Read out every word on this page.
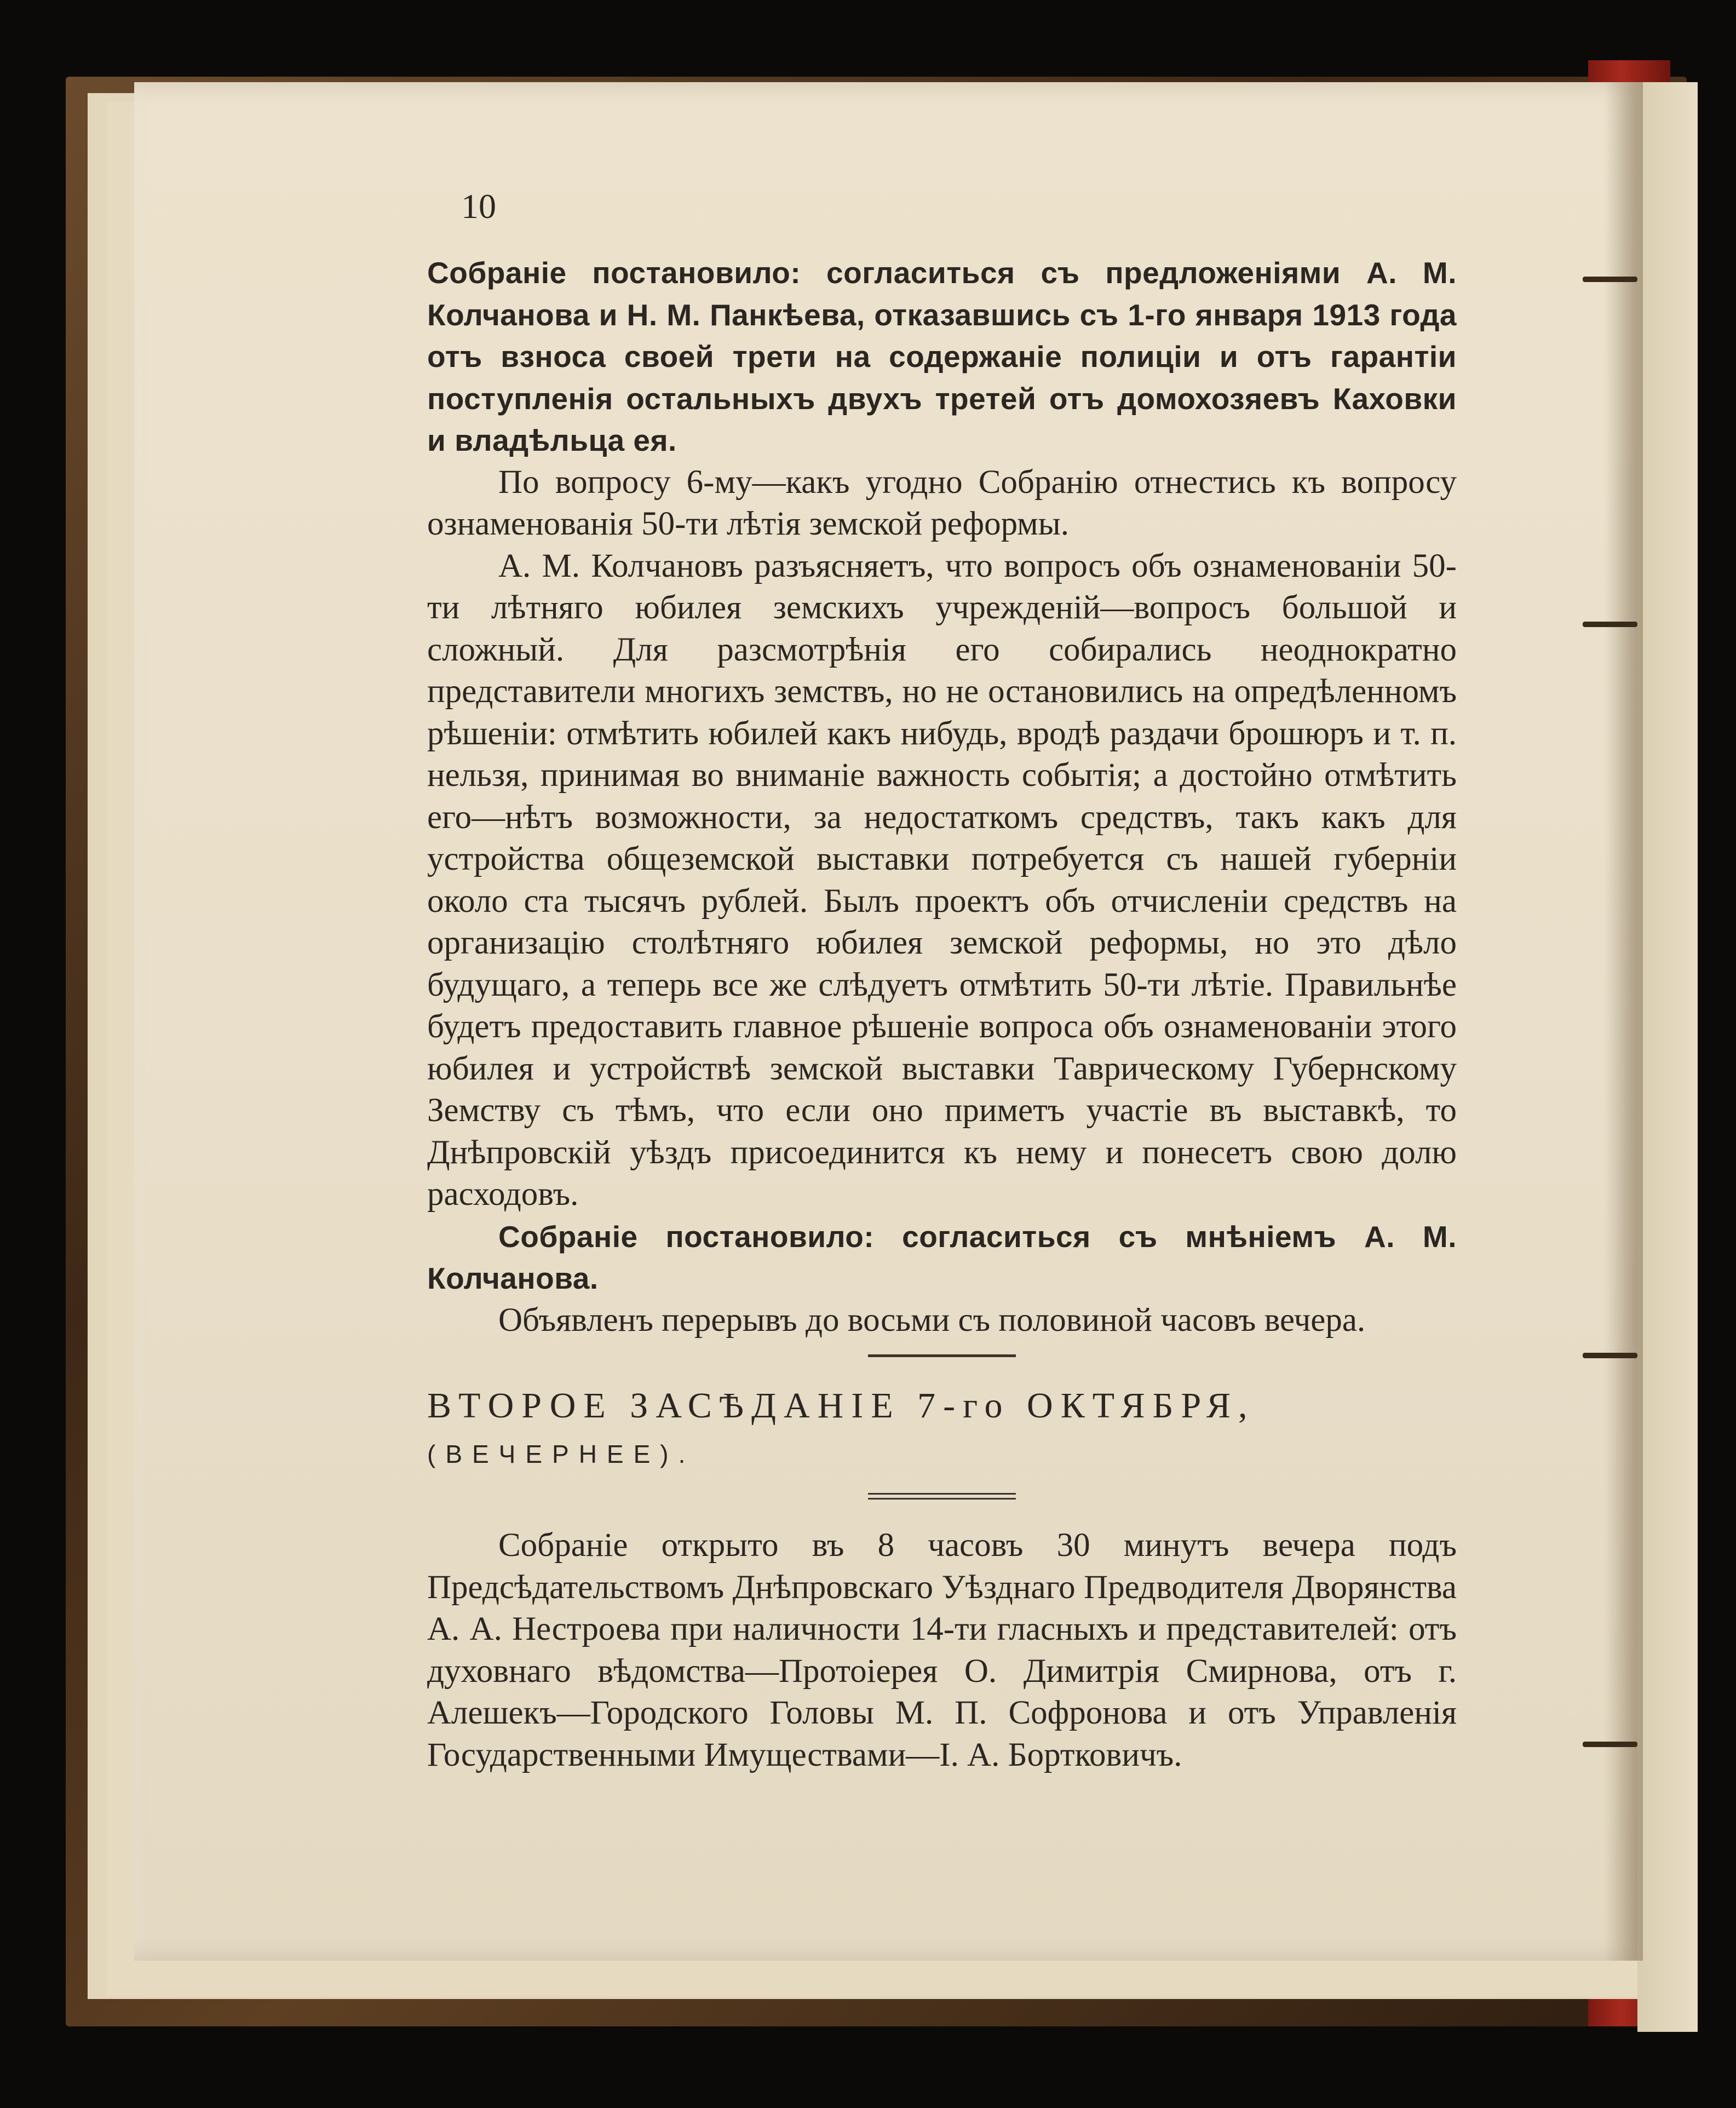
10

Собраніе постановило: согласиться съ предложеніями А. М. Колчанова и Н. М. Панкѣева, отказавшись съ 1-го января 1913 года отъ взноса своей трети на содержаніе полиціи и отъ гарантіи поступленія остальныхъ двухъ третей отъ домохозяевъ Каховки и владѣльца ея.

По вопросу 6-му—какъ угодно Собранію отнестись къ вопросу ознаменованія 50-ти лѣтія земской реформы.

А. М. Колчановъ разъясняетъ, что вопросъ объ ознаменованіи 50-ти лѣтняго юбилея земскихъ учрежденій—вопросъ большой и сложный. Для разсмотрѣнія его собирались неоднократно представители многихъ земствъ, но не остановились на опредѣленномъ рѣшеніи: отмѣтить юбилей какъ нибудь, вродѣ раздачи брошюръ и т. п. нельзя, принимая во вниманіе важность событія; а достойно отмѣтить его—нѣтъ возможности, за недостаткомъ средствъ, такъ какъ для устройства общеземской выставки потребуется съ нашей губерніи около ста тысячъ рублей. Былъ проектъ объ отчисленіи средствъ на организацію столѣтняго юбилея земской реформы, но это дѣло будущаго, а теперь все же слѣдуетъ отмѣтить 50-ти лѣтіе. Правильнѣе будетъ предоставить главное рѣшеніе вопроса объ ознаменованіи этого юбилея и устройствѣ земской выставки Таврическому Губернскому Земству съ тѣмъ, что если оно приметъ участіе въ выставкѣ, то Днѣпровскій уѣздъ присоединится къ нему и понесетъ свою долю расходовъ.

Собраніе постановило: согласиться съ мнѣніемъ А. М. Колчанова.

Объявленъ перерывъ до восьми съ половиной часовъ вечера.

ВТОРОЕ ЗАСѢДАНІЕ 7-го ОКТЯБРЯ,

(ВЕЧЕРНЕЕ).

Собраніе открыто въ 8 часовъ 30 минутъ вечера подъ Предсѣдательствомъ Днѣпровскаго Уѣзднаго Предводителя Дворянства А. А. Нестроева при наличности 14-ти гласныхъ и представителей: отъ духовнаго вѣдомства—Протоіерея О. Димитрія Смирнова, отъ г. Алешекъ—Городского Головы М. П. Софронова и отъ Управленія Государственными Имуществами—І. А. Бортковичъ.
